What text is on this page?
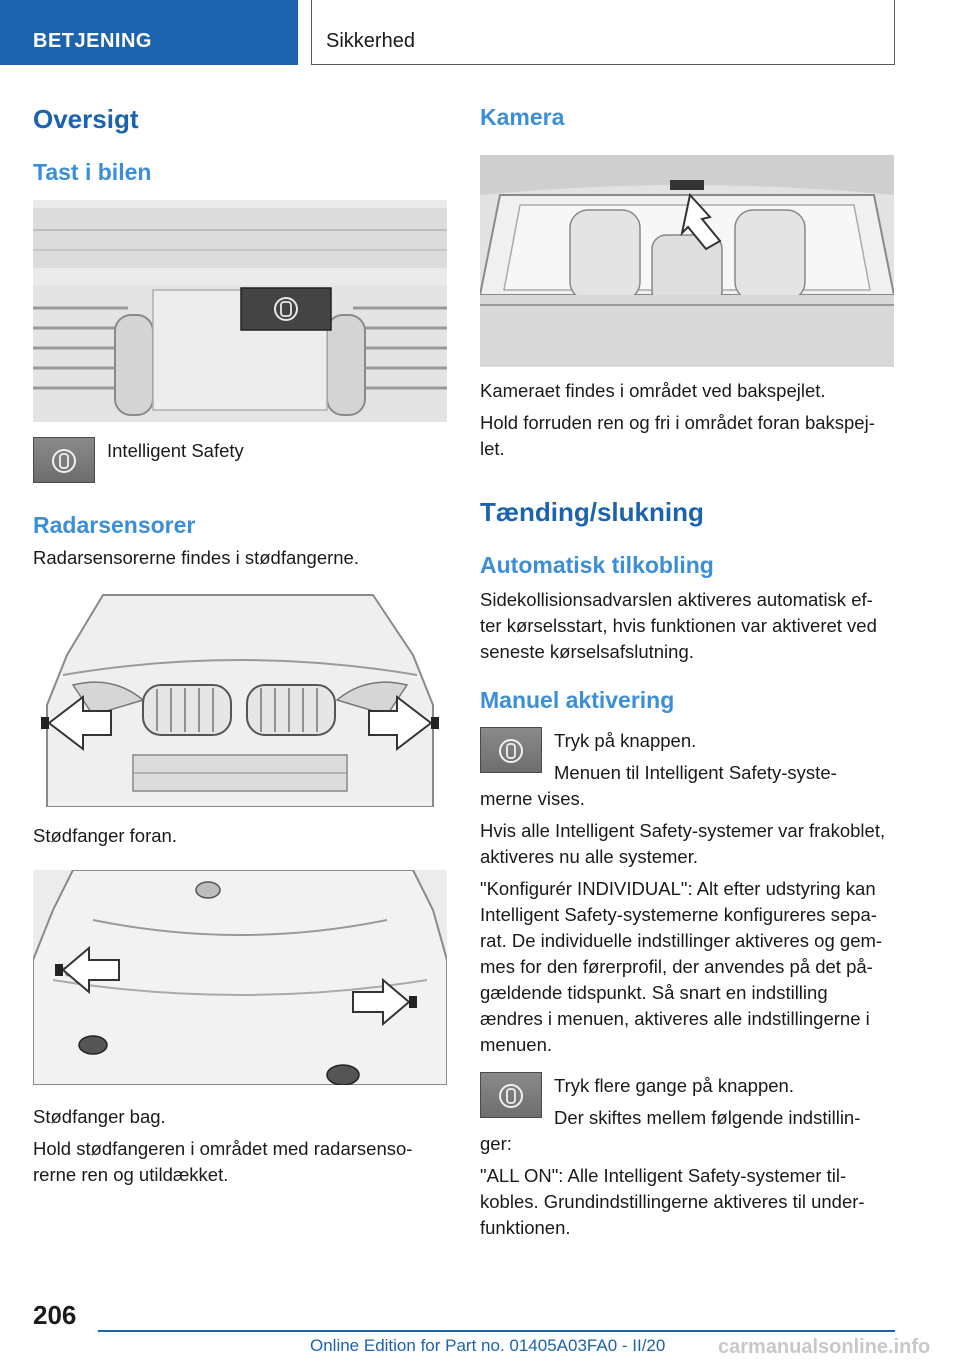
BETJENING	Sikkerhed
Oversigt
Tast i bilen
Intelligent Safety
Radarsensorer
Radarsensorerne findes i stødfangerne.
Stødfanger foran.
Stødfanger bag.
Hold stødfangeren i området med radarsenso-
rerne ren og utildækket.
Kamera
Kameraet findes i området ved bakspejlet.
Hold forruden ren og fri i området foran bakspej-
let.
Tænding/slukning
Automatisk tilkobling
Sidekollisionsadvarslen aktiveres automatisk ef-
ter kørselsstart, hvis funktionen var aktiveret ved
seneste kørselsafslutning.
Manuel aktivering
Tryk på knappen.
Menuen til Intelligent Safety-syste-
merne vises.
Hvis alle Intelligent Safety-systemer var frakoblet,
aktiveres nu alle systemer.
"Konfigurér INDIVIDUAL": Alt efter udstyring kan
Intelligent Safety-systemerne konfigureres sepa-
rat. De individuelle indstillinger aktiveres og gem-
mes for den førerprofil, der anvendes på det på-
gældende tidspunkt. Så snart en indstilling
ændres i menuen, aktiveres alle indstillingerne i
menuen.
Tryk flere gange på knappen.
Der skiftes mellem følgende indstillin-
ger:
"ALL ON": Alle Intelligent Safety-systemer til-
kobles. Grundindstillingerne aktiveres til under-
funktionen.
206
Online Edition for Part no. 01405A03FA0 - II/20	carmanualsonline.info
